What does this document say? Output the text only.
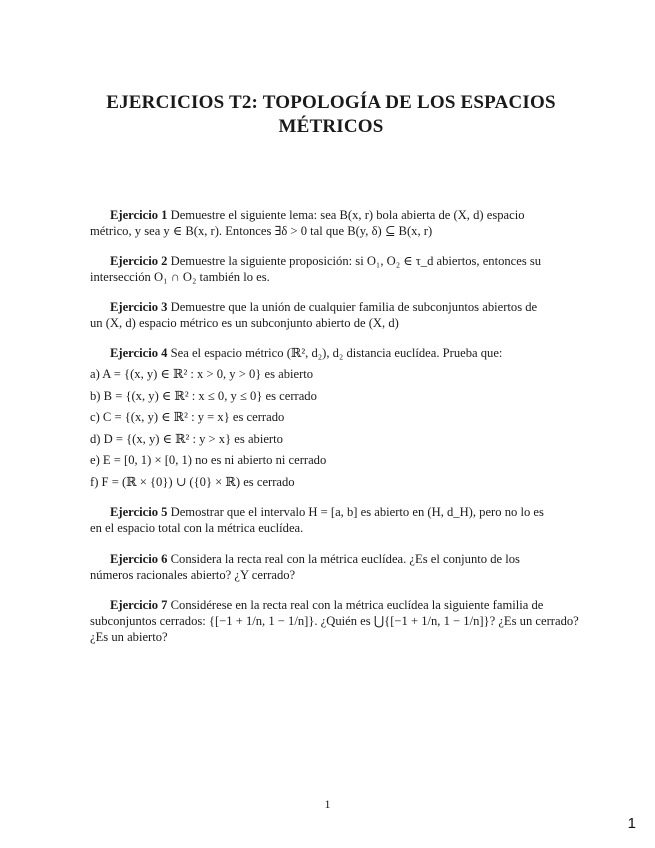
EJERCICIOS T2: TOPOLOGÍA DE LOS ESPACIOS
MÉTRICOS

Ejercicio 1 Demuestre el siguiente lema: sea B(x, r) bola abierta de (X, d) espacio

métrico, y sea y ∈ B(x, r). Entonces ∃δ > 0 tal que B(y, δ) ⊆ B(x, r)

Ejercicio 2 Demuestre la siguiente proposición: si O₁, O₂ ∈ τ_d abiertos, entonces su

intersección O₁ ∩ O₂ también lo es.

Ejercicio 3 Demuestre que la unión de cualquier familia de subconjuntos abiertos de

un (X, d) espacio métrico es un subconjunto abierto de (X, d)

Ejercicio 4 Sea el espacio métrico (ℝ², d₂), d₂ distancia euclídea. Prueba que:

a) A = {(x, y) ∈ ℝ² : x > 0, y > 0} es abierto
b) B = {(x, y) ∈ ℝ² : x ≤ 0, y ≤ 0} es cerrado
c) C = {(x, y) ∈ ℝ² : y = x} es cerrado
d) D = {(x, y) ∈ ℝ² : y > x} es abierto
e) E = [0, 1) × [0, 1) no es ni abierto ni cerrado
f) F = (ℝ × {0}) ∪ ({0} × ℝ) es cerrado

Ejercicio 5 Demostrar que el intervalo H = [a, b] es abierto en (H, d_H), pero no lo es

en el espacio total con la métrica euclídea.

Ejercicio 6 Considera la recta real con la métrica euclídea. ¿Es el conjunto de los

números racionales abierto? ¿Y cerrado?

Ejercicio 7 Considérese en la recta real con la métrica euclídea la siguiente familia de

subconjuntos cerrados: {[−1 + 1/n, 1 − 1/n]}. ¿Quién es ⋃{[−1 + 1/n, 1 − 1/n]}? ¿Es un cerrado?
¿Es un abierto?
1
1
